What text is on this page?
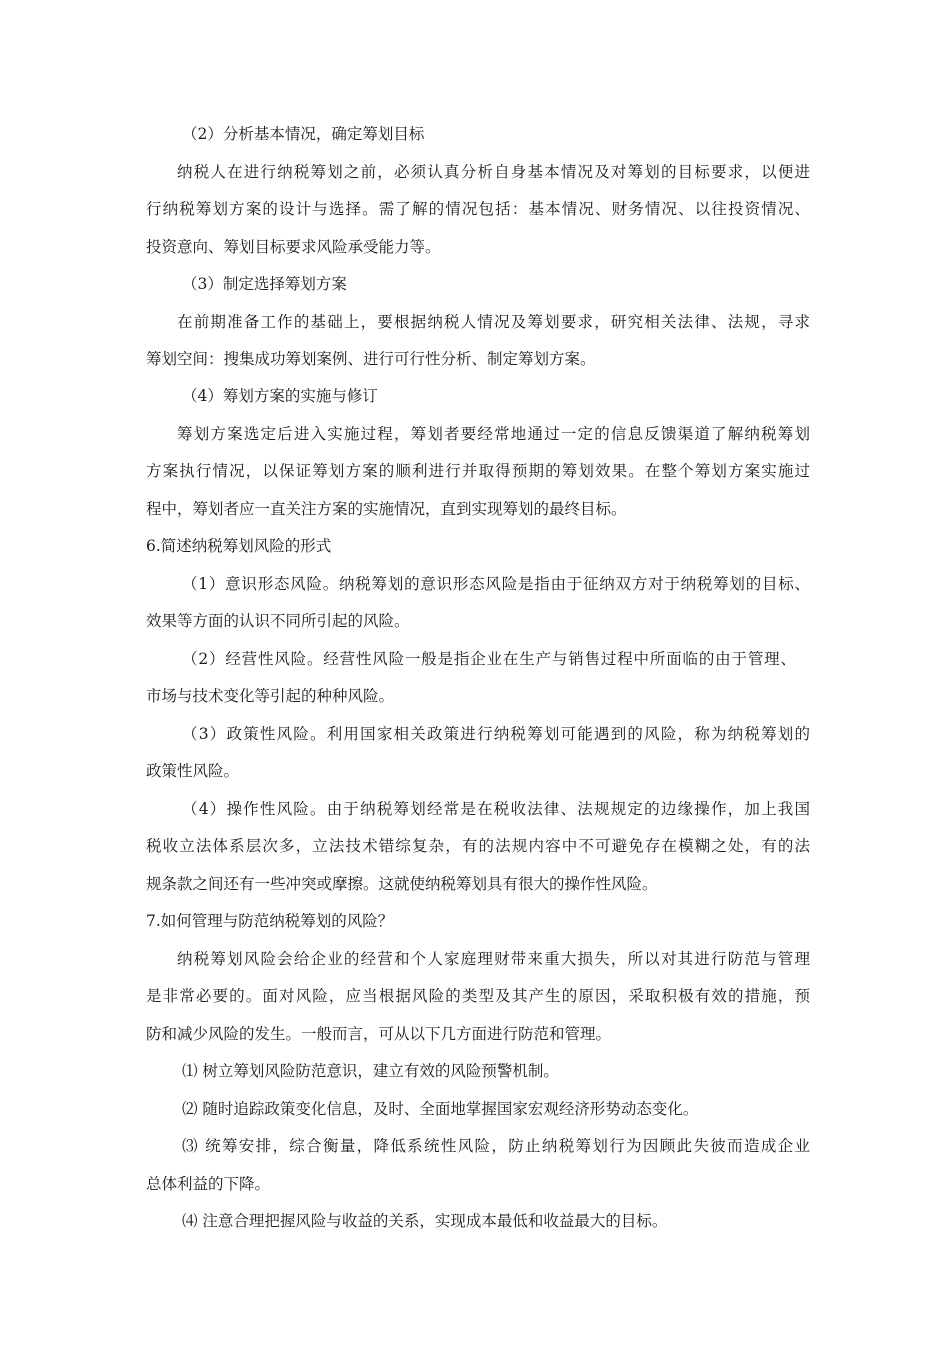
（2）分析基本情况，确定筹划目标
纳税人在进行纳税筹划之前，必须认真分析自身基本情况及对筹划的目标要求，以便进
行纳税筹划方案的设计与选择。需了解的情况包括：基本情况、财务情况、以往投资情况、
投资意向、筹划目标要求风险承受能力等。
（3）制定选择筹划方案
在前期准备工作的基础上，要根据纳税人情况及筹划要求，研究相关法律、法规，寻求
筹划空间：搜集成功筹划案例、进行可行性分析、制定筹划方案。
（4）筹划方案的实施与修订
筹划方案选定后进入实施过程，筹划者要经常地通过一定的信息反馈渠道了解纳税筹划
方案执行情况，以保证筹划方案的顺利进行并取得预期的筹划效果。在整个筹划方案实施过
程中，筹划者应一直关注方案的实施情况，直到实现筹划的最终目标。
6.简述纳税筹划风险的形式
（1）意识形态风险。纳税筹划的意识形态风险是指由于征纳双方对于纳税筹划的目标、
效果等方面的认识不同所引起的风险。
（2）经营性风险。经营性风险一般是指企业在生产与销售过程中所面临的由于管理、
市场与技术变化等引起的种种风险。
（3）政策性风险。利用国家相关政策进行纳税筹划可能遇到的风险，称为纳税筹划的
政策性风险。
（4）操作性风险。由于纳税筹划经常是在税收法律、法规规定的边缘操作，加上我国
税收立法体系层次多，立法技术错综复杂，有的法规内容中不可避免存在模糊之处，有的法
规条款之间还有一些冲突或摩擦。这就使纳税筹划具有很大的操作性风险。
7.如何管理与防范纳税筹划的风险？
纳税筹划风险会给企业的经营和个人家庭理财带来重大损失，所以对其进行防范与管理
是非常必要的。面对风险，应当根据风险的类型及其产生的原因，采取积极有效的措施，预
防和减少风险的发生。一般而言，可从以下几方面进行防范和管理。
⑴ 树立筹划风险防范意识，建立有效的风险预警机制。
⑵ 随时追踪政策变化信息，及时、全面地掌握国家宏观经济形势动态变化。
⑶ 统筹安排，综合衡量，降低系统性风险，防止纳税筹划行为因顾此失彼而造成企业
总体利益的下降。
⑷ 注意合理把握风险与收益的关系，实现成本最低和收益最大的目标。
